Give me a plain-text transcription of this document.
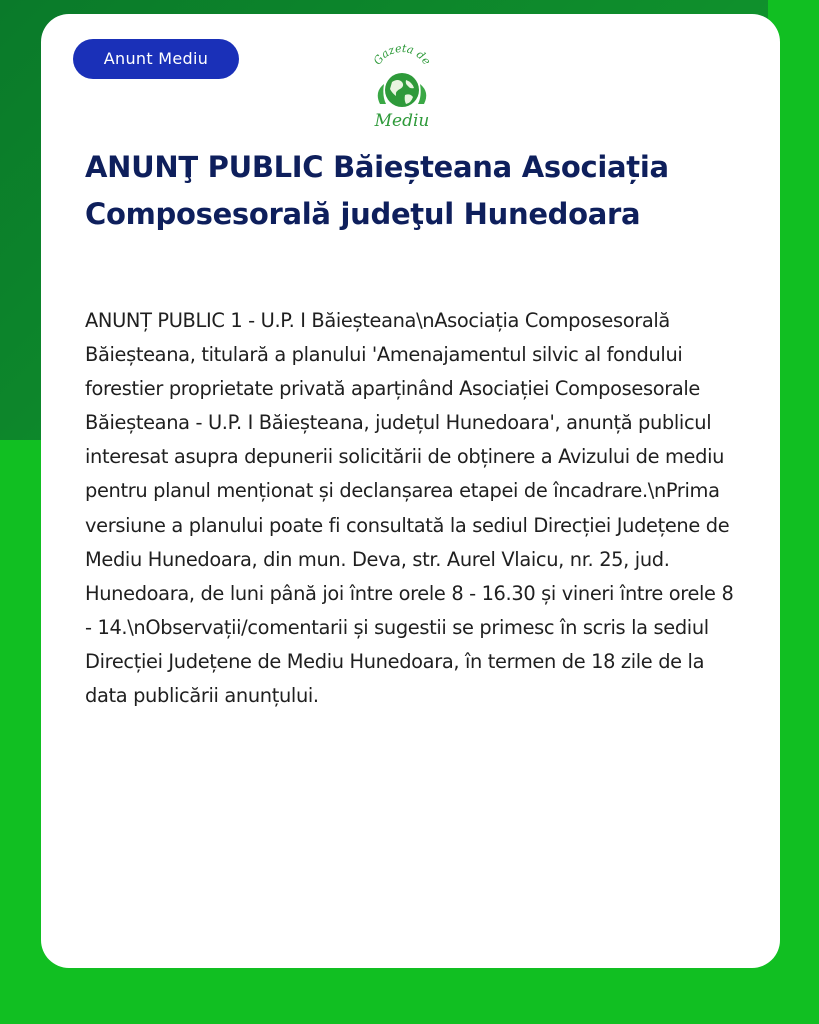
Anunt Mediu	Gazeta de
Mediu
ANUNŢ PUBLIC Băieșteana Asociația Composesorală judeţul Hunedoara

ANUNȚ PUBLIC 1 - U.P. I Băieșteana\nAsociația Composesorală Băieșteana, titulară a planului 'Amenajamentul silvic al fondului forestier proprietate privată aparținând Asociației Composesorale Băieșteana - U.P. I Băieșteana, județul Hunedoara', anunță publicul interesat asupra depunerii solicitării de obținere a Avizului de mediu pentru planul menționat și declanșarea etapei de încadrare.\nPrima versiune a planului poate fi consultată la sediul Direcției Județene de Mediu Hunedoara, din mun. Deva, str. Aurel Vlaicu, nr. 25, jud. Hunedoara, de luni până joi între orele 8 - 16.30 și vineri între orele 8 - 14.\nObservații/comentarii și sugestii se primesc în scris la sediul Direcției Județene de Mediu Hunedoara, în termen de 18 zile de la data publicării anunțului.
